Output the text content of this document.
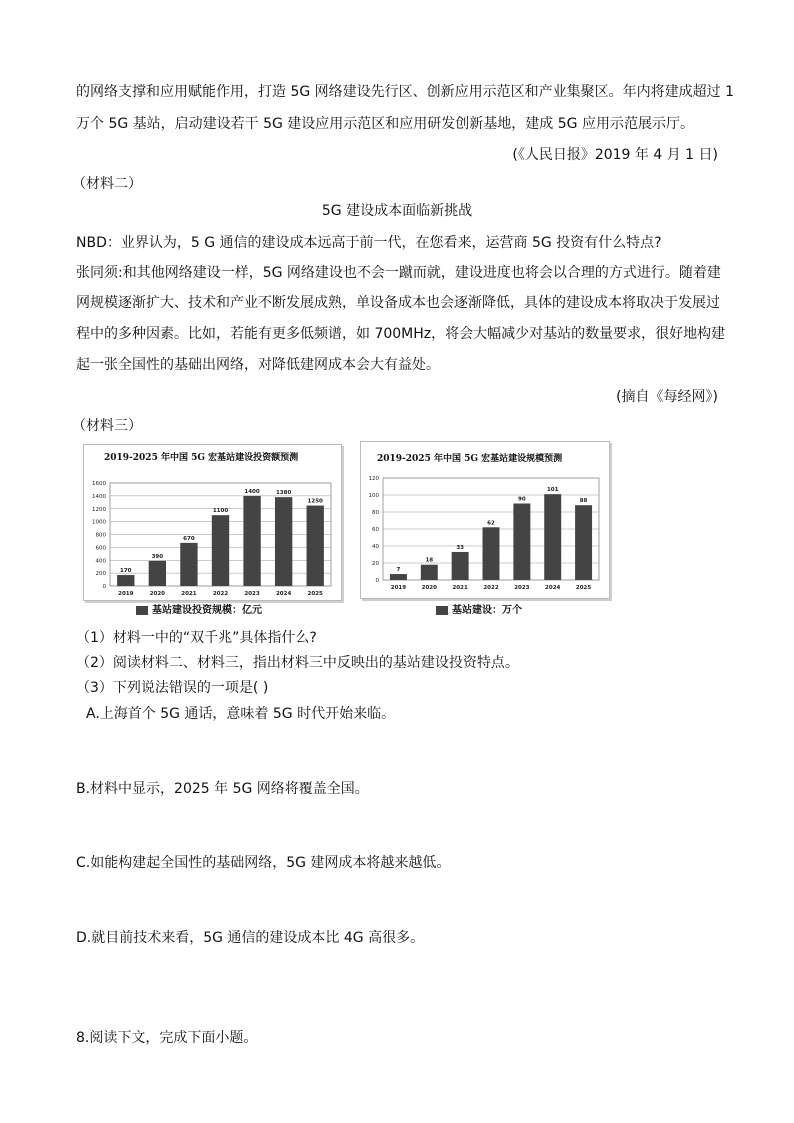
的网络支撑和应用赋能作用，打造 5G 网络建设先行区、创新应用示范区和产业集聚区。年内将建成超过 1
万个 5G 基站，启动建设若干 5G 建设应用示范区和应用研发创新基地，建成 5G 应用示范展示厅。
(《人民日报》2019 年 4 月 1 日)
（材料二）
5G 建设成本面临新挑战
NBD：业界认为，5 G 通信的建设成本远高于前一代，在您看来，运营商 5G 投资有什么特点?
张同须:和其他网络建设一样，5G 网络建设也不会一蹴而就，建设进度也将会以合理的方式进行。随着建
网规模逐渐扩大、技术和产业不断发展成熟，单设备成本也会逐渐降低，具体的建设成本将取决于发展过
程中的多种因素。比如，若能有更多低频谱，如 700MHz，将会大幅减少对基站的数量要求，很好地构建
起一张全国性的基础出网络，对降低建网成本会大有益处。
(摘自《每经网》)
（材料三）
2019-2025 年中国 5G 宏基站建设投资额预测
0
200
400
600
800
1000
1200
1400
1600
170
2019
390
2020
670
2021
1100
2022
1400
2023
1380
2024
1250
2025
基站建设投资规模：亿元
2019-2025 年中国 5G 宏基站建设规模预测
0
20
40
60
80
100
120
7
2019
18
2020
33
2021
62
2022
90
2023
101
2024
88
2025
基站建设：万个
（1）材料一中的“双千兆”具体指什么?
（2）阅读材料二、材料三，指出材料三中反映出的基站建设投资特点。
（3）下列说法错误的一项是( )
A.上海首个 5G 通话，意味着 5G 时代开始来临。
B.材料中显示，2025 年 5G 网络将覆盖全国。
C.如能构建起全国性的基础网络，5G 建网成本将越来越低。
D.就目前技术来看，5G 通信的建设成本比 4G 高很多。
8.阅读下文，完成下面小题。
